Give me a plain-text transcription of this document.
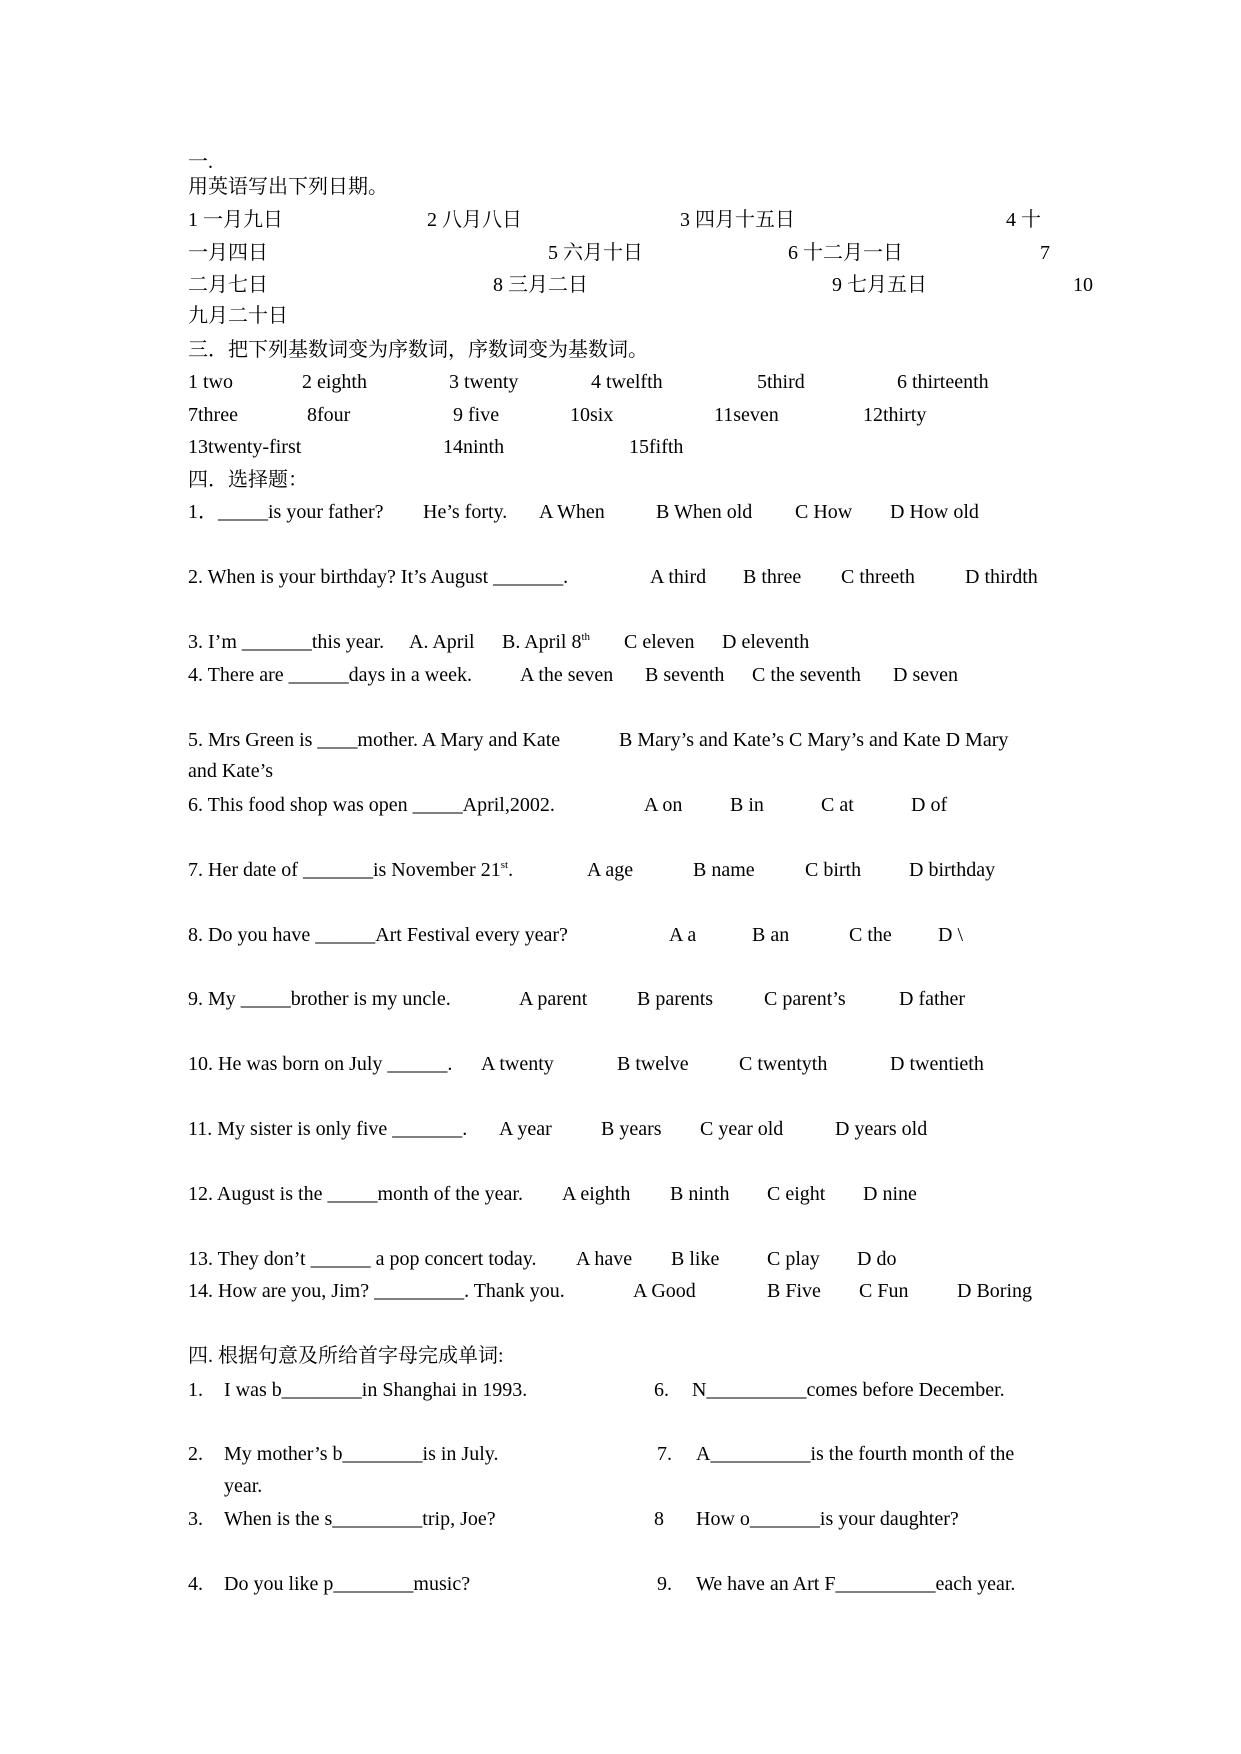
一.
用英语写出下列日期。
1 一月九日	2 八月八日	3 四月十五日	4 十
一月四日	5 六月十日	6 十二月一日	7
二月七日	8 三月二日	9 七月五日	10
九月二十日
三．把下列基数词变为序数词，序数词变为基数词。
1 two	2 eighth	3 twenty	4 twelfth	5third	6 thirteenth
7three	8four	9 five	10six	11seven	12thirty
13twenty-first	14ninth	15fifth
四．选择题：
1．_____is your father? He’s forty. A When	B When old C How D How old
2. When is your birthday? It’s August _______.	A third B three C threeth	D thirdth
3. I’m _______this year. A. April B. April 8th C eleven D eleventh
4. There are ______days in a week. A the seven B seventh C the seventh D seven
5. Mrs Green is ____mother. A Mary and Kate	B Mary’s and Kate’s C Mary’s and Kate D Mary
and Kate’s
6. This food shop was open _____April,2002.	A on B in	C at	D of
7. Her date of _______is November 21st.	A age	B name	C birth D birthday
8. Do you have ______Art Festival every year?	A a	B an	C the D \
9. My _____brother is my uncle.	A parent B parents	C parent’s	D father
10. He was born on July ______. A twenty	B twelve	C twentyth	D twentieth
11. My sister is only five _______. A year B years C year old	D years old
12. August is the _____month of the year. A eighth B ninth C eight D nine
13. They don’t ______ a pop concert today. A have B like C play D do
14. How are you, Jim? _________. Thank you.	A Good	B Five C Fun D Boring
四. 根据句意及所给首字母完成单词:
1. I was b________in Shanghai in 1993.	6. N__________comes before December.
2. My mother’s b________is in July.	7. A__________is the fourth month of the
year.
3. When is the s_________trip, Joe?	8 How o_______is your daughter?
4. Do you like p________music?	9. We have an Art F__________each year.
